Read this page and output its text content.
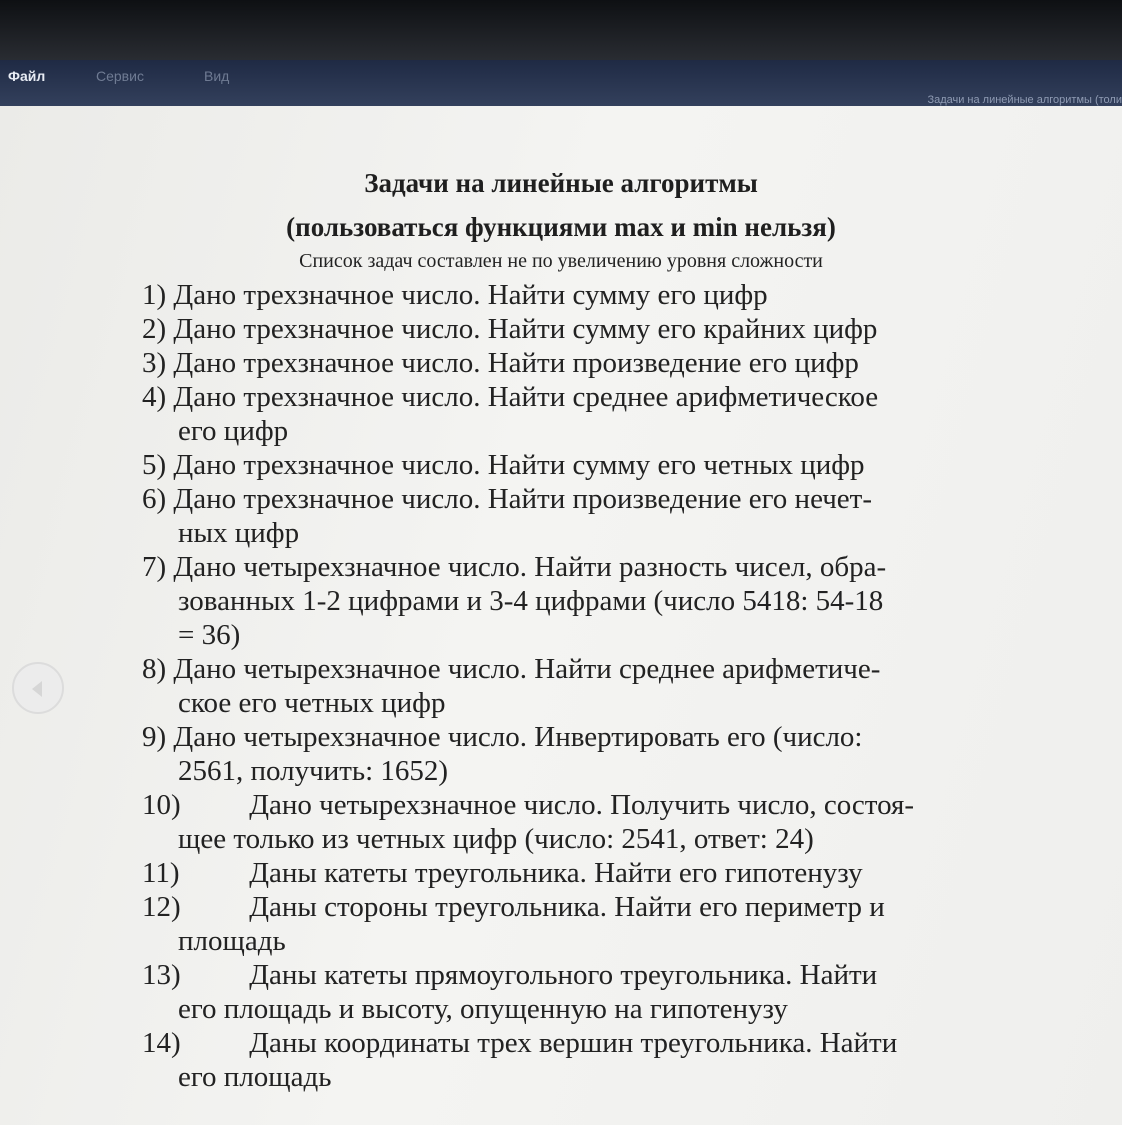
Файл	Сервис	Вид
Задачи на линейные алгоритмы (толи
Задачи на линейные алгоритмы
(пользоваться функциями max и min нельзя)
Список задач составлен не по увеличению уровня сложности
1) Дано трехзначное число. Найти сумму его цифр
2) Дано трехзначное число. Найти сумму его крайних цифр
3) Дано трехзначное число. Найти произведение его цифр
4) Дано трехзначное число. Найти среднее арифметическое
его цифр
5) Дано трехзначное число. Найти сумму его четных цифр
6) Дано трехзначное число. Найти произведение его нечет-
ных цифр
7) Дано четырехзначное число. Найти разность чисел, обра-
зованных 1-2 цифрами и 3-4 цифрами (число 5418: 54-18
= 36)
8) Дано четырехзначное число. Найти среднее арифметиче-
ское его четных цифр
9) Дано четырехзначное число. Инвертировать его (число:
2561, получить: 1652)
10) Дано четырехзначное число. Получить число, состоя-
щее только из четных цифр (число: 2541, ответ: 24)
11) Даны катеты треугольника. Найти его гипотенузу
12) Даны стороны треугольника. Найти его периметр и
площадь
13) Даны катеты прямоугольного треугольника. Найти
его площадь и высоту, опущенную на гипотенузу
14) Даны координаты трех вершин треугольника. Найти
его площадь
